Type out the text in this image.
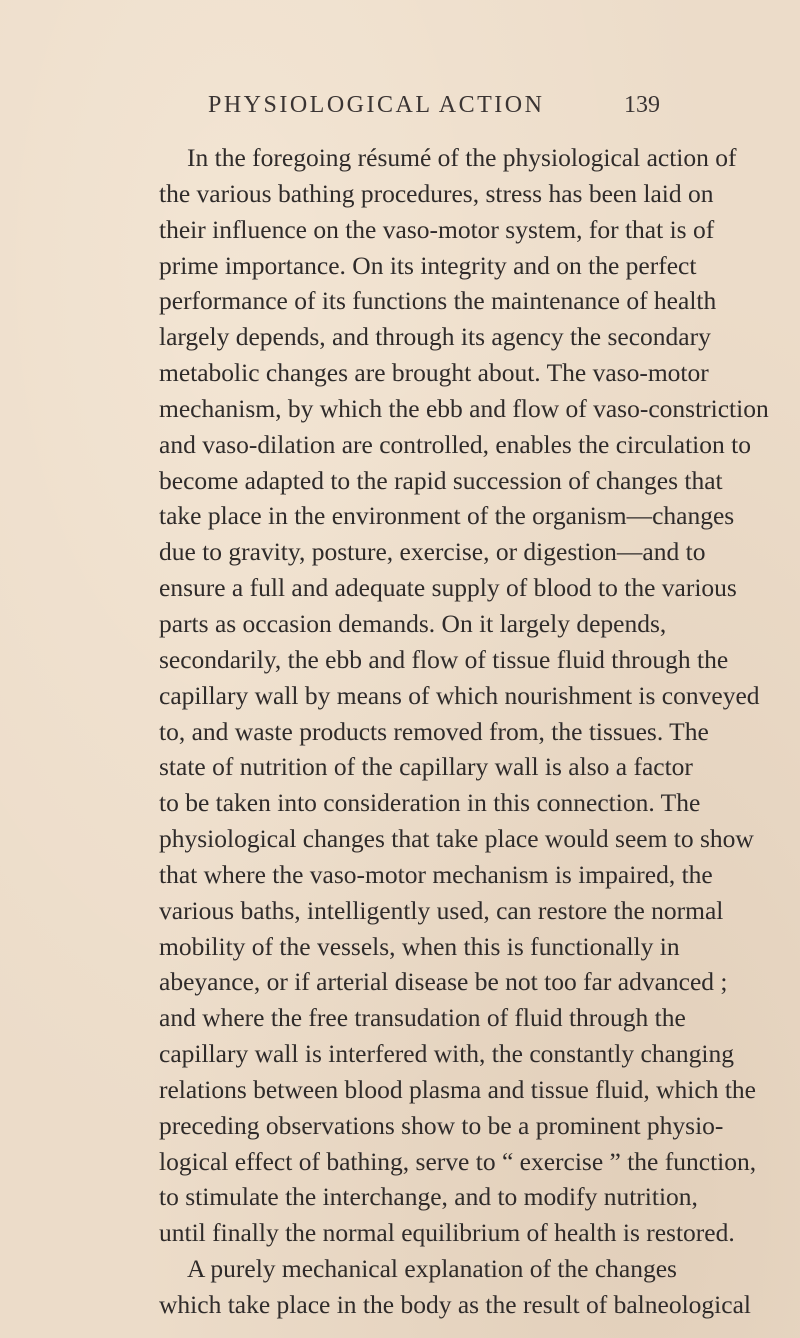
PHYSIOLOGICAL ACTION	139
In the foregoing résumé of the physiological action of
the various bathing procedures, stress has been laid on
their influence on the vaso-motor system, for that is of
prime importance. On its integrity and on the perfect
performance of its functions the maintenance of health
largely depends, and through its agency the secondary
metabolic changes are brought about. The vaso-motor
mechanism, by which the ebb and flow of vaso-constriction
and vaso-dilation are controlled, enables the circulation to
become adapted to the rapid succession of changes that
take place in the environment of the organism—changes
due to gravity, posture, exercise, or digestion—and to
ensure a full and adequate supply of blood to the various
parts as occasion demands. On it largely depends,
secondarily, the ebb and flow of tissue fluid through the
capillary wall by means of which nourishment is conveyed
to, and waste products removed from, the tissues. The
state of nutrition of the capillary wall is also a factor
to be taken into consideration in this connection. The
physiological changes that take place would seem to show
that where the vaso-motor mechanism is impaired, the
various baths, intelligently used, can restore the normal
mobility of the vessels, when this is functionally in
abeyance, or if arterial disease be not too far advanced ;
and where the free transudation of fluid through the
capillary wall is interfered with, the constantly changing
relations between blood plasma and tissue fluid, which the
preceding observations show to be a prominent physio-
logical effect of bathing, serve to “ exercise ” the function,
to stimulate the interchange, and to modify nutrition,
until finally the normal equilibrium of health is restored.
A purely mechanical explanation of the changes
which take place in the body as the result of balneological
